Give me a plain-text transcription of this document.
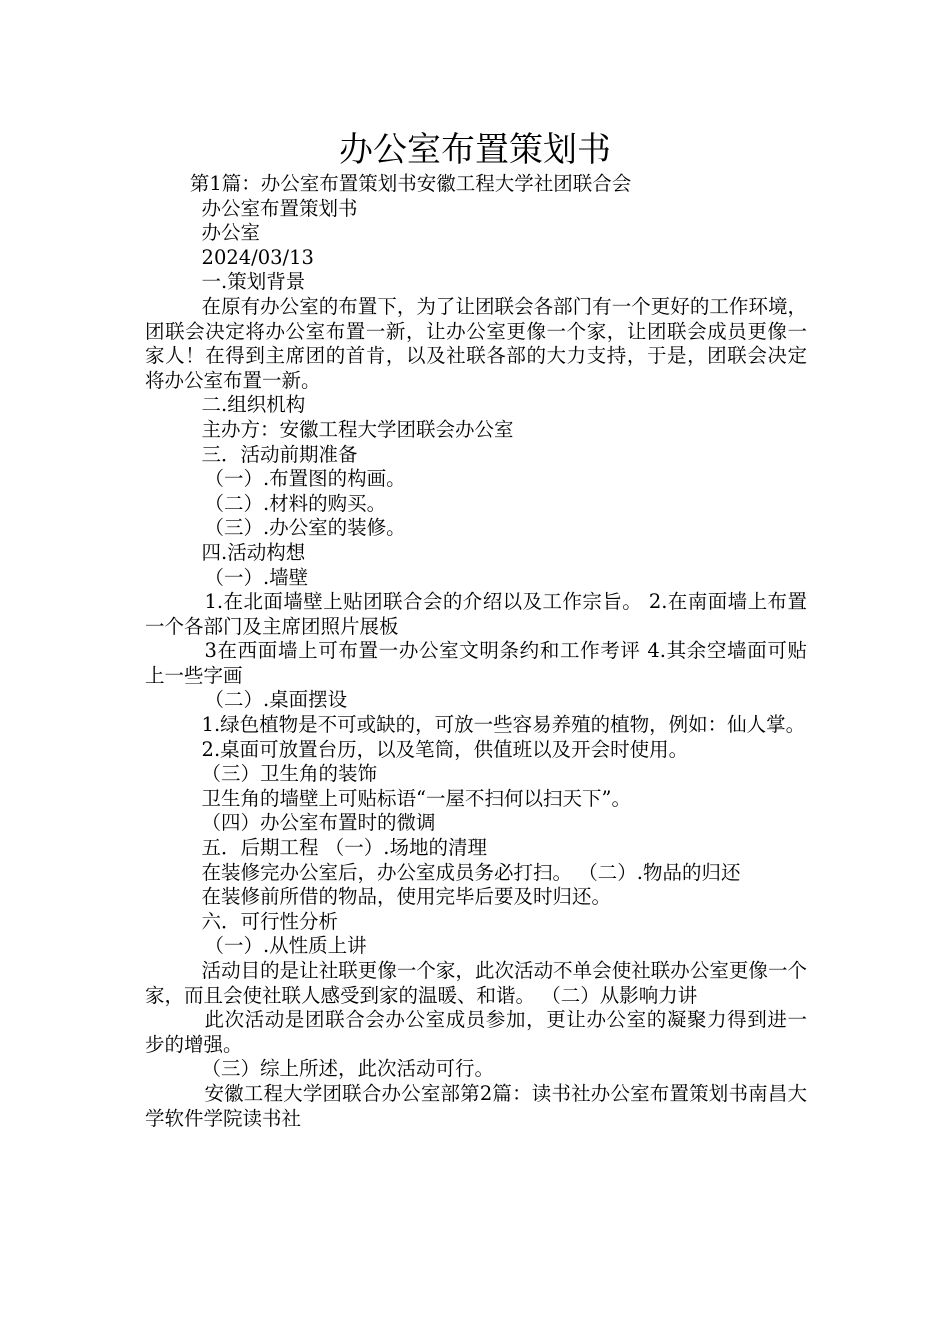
办公室布置策划书

第1篇：办公室布置策划书安徽工程大学社团联合会

办公室布置策划书

办公室

2024/03/13

一.策划背景

在原有办公室的布置下，为了让团联会各部门有一个更好的工作环境，团联会决定将办公室布置一新，让办公室更像一个家，让团联会成员更像一家人！在得到主席团的首肯，以及社联各部的大力支持，于是，团联会决定将办公室布置一新。

二.组织机构

主办方：安徽工程大学团联会办公室

三．活动前期准备

（一）.布置图的构画。

（二）.材料的购买。

（三）.办公室的装修。

四.活动构想

（一）.墙壁

1.在北面墙壁上贴团联合会的介绍以及工作宗旨。 2.在南面墙上布置一个各部门及主席团照片展板

3在西面墙上可布置一办公室文明条约和工作考评 4.其余空墙面可贴上一些字画

（二）.桌面摆设

1.绿色植物是不可或缺的，可放一些容易养殖的植物，例如：仙人掌。

2.桌面可放置台历，以及笔筒，供值班以及开会时使用。

（三）卫生角的装饰

卫生角的墙壁上可贴标语“一屋不扫何以扫天下”。

（四）办公室布置时的微调

五．后期工程 （一）.场地的清理

在装修完办公室后，办公室成员务必打扫。 （二）.物品的归还

在装修前所借的物品，使用完毕后要及时归还。

六．可行性分析

（一）.从性质上讲

活动目的是让社联更像一个家，此次活动不单会使社联办公室更像一个家，而且会使社联人感受到家的温暖、和谐。 （二）从影响力讲

此次活动是团联合会办公室成员参加，更让办公室的凝聚力得到进一步的增强。

（三）综上所述，此次活动可行。

安徽工程大学团联合办公室部第2篇：读书社办公室布置策划书南昌大学软件学院读书社
